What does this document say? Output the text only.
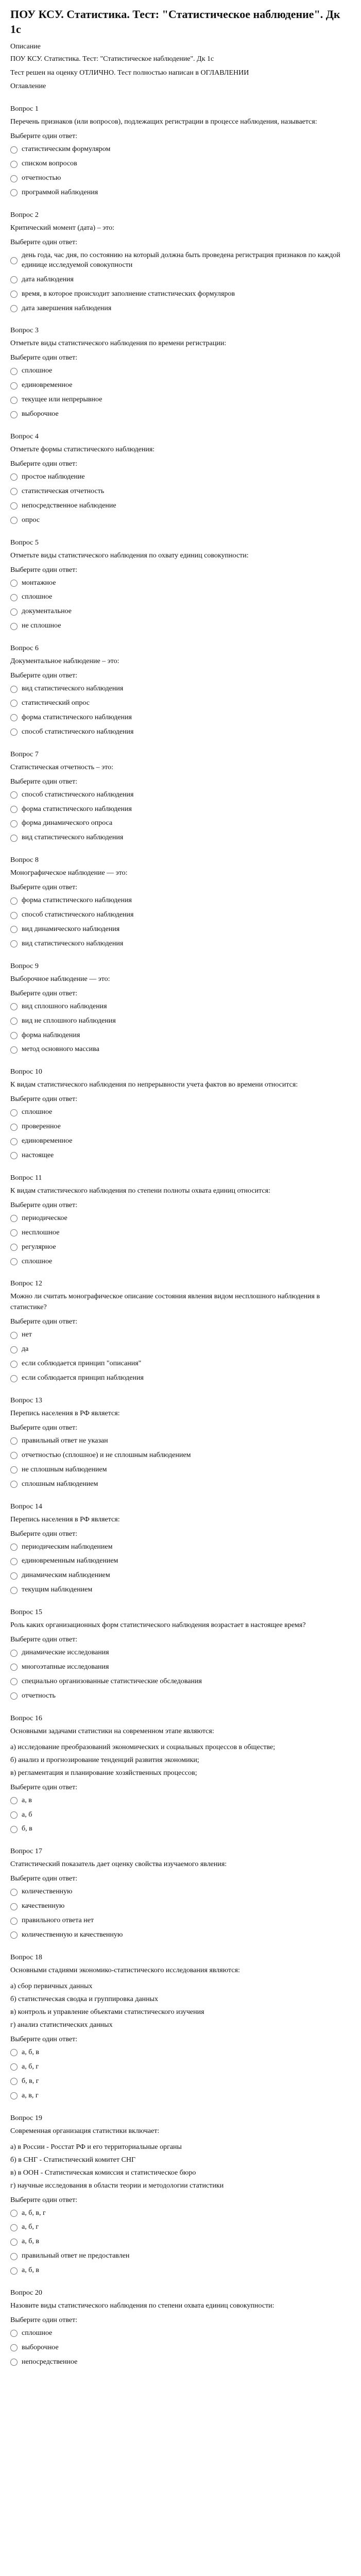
ПОУ КСУ. Статистика. Тест: "Статистическое наблюдение". Дк 1с

Описание

ПОУ КСУ. Статистика. Тест: "Статистическое наблюдение". Дк 1с

Тест решен на оценку ОТЛИЧНО. Тест полностью написан в ОГЛАВЛЕНИИ

Оглавление

Вопрос 1
Перечень признаков (или вопросов), подлежащих регистрации в процессе наблюдения, называется:
Выберите один ответ:
статистическим формуляром
списком вопросов
отчетностью
программой наблюдения
Вопрос 2
Критический момент (дата) – это:
Выберите один ответ:
день года, час дня, по состоянию на который должна быть проведена регистрация признаков по каждой единице исследуемой совокупности
дата наблюдения
время, в которое происходит заполнение статистических формуляров
дата завершения наблюдения
Вопрос 3
Отметьте виды статистического наблюдения по времени регистрации:
Выберите один ответ:
сплошное
единовременное
текущее или непрерывное
выборочное
Вопрос 4
Отметьте формы статистического наблюдения:
Выберите один ответ:
простое наблюдение
статистическая отчетность
непосредственное наблюдение
опрос
Вопрос 5
Отметьте виды статистического наблюдения по охвату единиц совокупности:
Выберите один ответ:
монтажное
сплошное
документальное
не сплошное
Вопрос 6
Документальное наблюдение – это:
Выберите один ответ:
вид статистического наблюдения
статистический опрос
форма статистического наблюдения
способ статистического наблюдения
Вопрос 7
Статистическая отчетность – это:
Выберите один ответ:
способ статистического наблюдения
форма статистического наблюдения
форма динамического опроса
вид статистического наблюдения
Вопрос 8
Монографическое наблюдение — это:
Выберите один ответ:
форма статистического наблюдения
способ статистического наблюдения
вид динамического наблюдения
вид статистического наблюдения
Вопрос 9
Выборочное наблюдение — это:
Выберите один ответ:
вид сплошного наблюдения
вид не сплошного наблюдения
форма наблюдения
метод основного массива
Вопрос 10
К видам статистического наблюдения по непрерывности учета фактов во времени относится:
Выберите один ответ:
сплошное
проверенное
единовременное
настоящее
Вопрос 11
К видам статистического наблюдения по степени полноты охвата единиц относится:
Выберите один ответ:
периодическое
несплошное
регулярное
сплошное
Вопрос 12
Можно ли считать монографическое описание состояния явления видом несплошного наблюдения в статистике?
Выберите один ответ:
нет
да
если соблюдается принцип "описания"
если соблюдается принцип наблюдения
Вопрос 13
Перепись населения в РФ является:
Выберите один ответ:
правильный ответ не указан
отчетностью (сплошное) и не сплошным наблюдением
не сплошным наблюдением
сплошным наблюдением
Вопрос 14
Перепись населения в РФ является:
Выберите один ответ:
периодическим наблюдением
единовременным наблюдением
динамическим наблюдением
текущим наблюдением
Вопрос 15
Роль каких организационных форм статистического наблюдения возрастает в настоящее время?
Выберите один ответ:
динамические исследования
многоэтапные исследования
специально организованные статистические обследования
отчетность
Вопрос 16
Основными задачами статистики на современном этапе являются:
а) исследование преобразований экономических и социальных процессов в обществе;
б) анализ и прогнозирование тенденций развития экономики;
в) регламентация и планирование хозяйственных процессов;
Выберите один ответ:
а, в
а, б
б, в
Вопрос 17
Статистический показатель дает оценку свойства изучаемого явления:
Выберите один ответ:
количественную
качественную
правильного ответа нет
количественную и качественную
Вопрос 18
Основными стадиями экономико-статистического исследования являются:
а) сбор первичных данных
б) статистическая сводка и группировка данных
в) контроль и управление объектами статистического изучения
г) анализ статистических данных
Выберите один ответ:
а, б, в
а, б, г
б, в, г
а, в, г
Вопрос 19
Современная организация статистики включает:
а) в России - Росстат РФ и его территориальные органы
б) в СНГ - Статистический комитет СНГ
в) в ООН - Статистическая комиссия и статистическое бюро
г) научные исследования в области теории и методологии статистики
Выберите один ответ:
а, б, в, г
а, б, г
а, б, в
правильный ответ не предоставлен
а, б, в
Вопрос 20
Назовите виды статистического наблюдения по степени охвата единиц совокупности:
Выберите один ответ:
сплошное
выборочное
непосредственное
